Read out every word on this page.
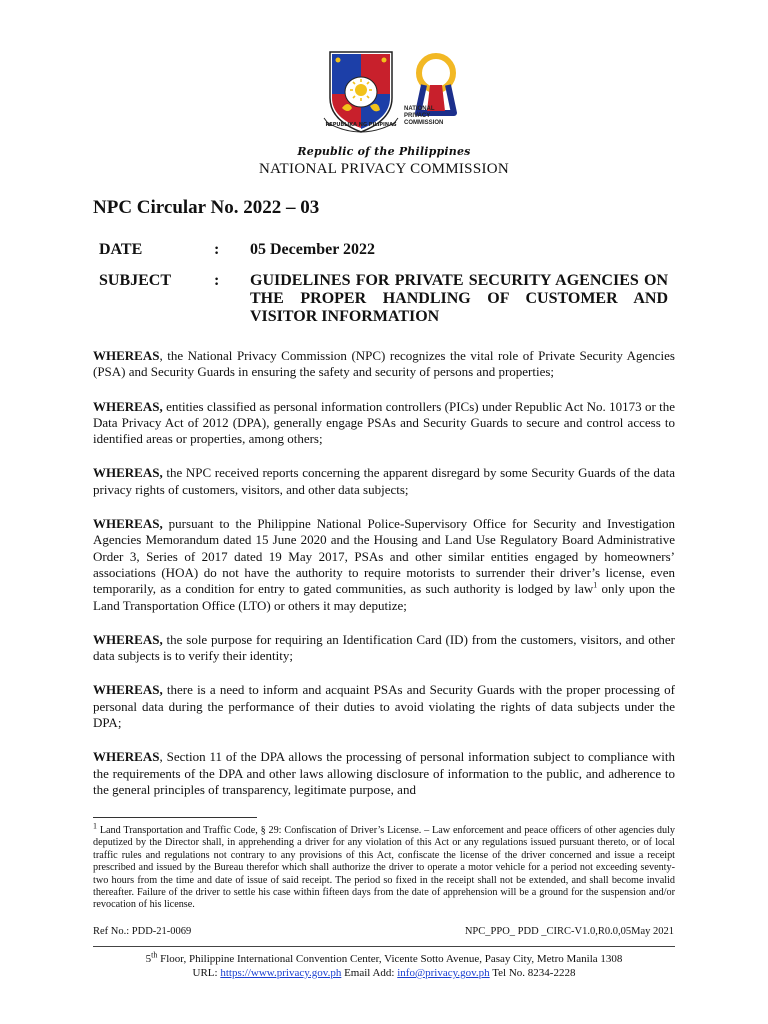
REPUBLIKA NG PILIPINAS
NATIONAL
PRIVACY
COMMISSION
Republic of the Philippines
NATIONAL PRIVACY COMMISSION
NPC Circular No. 2022 – 03
DATE	: 05 December 2022
SUBJECT	: GUIDELINES FOR PRIVATE SECURITY AGENCIES ON THE PROPER HANDLING OF CUSTOMER AND VISITOR INFORMATION

WHEREAS, the National Privacy Commission (NPC) recognizes the vital role of Private Security Agencies (PSA) and Security Guards in ensuring the safety and security of persons and properties;

WHEREAS, entities classified as personal information controllers (PICs) under Republic Act No. 10173 or the Data Privacy Act of 2012 (DPA), generally engage PSAs and Security Guards to secure and control access to identified areas or properties, among others;

WHEREAS, the NPC received reports concerning the apparent disregard by some Security Guards of the data privacy rights of customers, visitors, and other data subjects;

WHEREAS, pursuant to the Philippine National Police-Supervisory Office for Security and Investigation Agencies Memorandum dated 15 June 2020 and the Housing and Land Use Regulatory Board Administrative Order 3, Series of 2017 dated 19 May 2017, PSAs and other similar entities engaged by homeowners’ associations (HOA) do not have the authority to require motorists to surrender their driver’s license, even temporarily, as a condition for entry to gated communities, as such authority is lodged by law$^1$ only upon the Land Transportation Office (LTO) or others it may deputize;

WHEREAS, the sole purpose for requiring an Identification Card (ID) from the customers, visitors, and other data subjects is to verify their identity;

WHEREAS, there is a need to inform and acquaint PSAs and Security Guards with the proper processing of personal data during the performance of their duties to avoid violating the rights of data subjects under the DPA;

WHEREAS, Section 11 of the DPA allows the processing of personal information subject to compliance with the requirements of the DPA and other laws allowing disclosure of information to the public, and adherence to the general principles of transparency, legitimate purpose, and

$^1$ Land Transportation and Traffic Code, § 29: Confiscation of Driver’s License. – Law enforcement and peace officers of other agencies duly deputized by the Director shall, in apprehending a driver for any violation of this Act or any regulations issued pursuant thereto, or of local traffic rules and regulations not contrary to any provisions of this Act, confiscate the license of the driver concerned and issue a receipt prescribed and issued by the Bureau therefor which shall authorize the driver to operate a motor vehicle for a period not exceeding seventy-two hours from the time and date of issue of said receipt. The period so fixed in the receipt shall not be extended, and shall become invalid thereafter. Failure of the driver to settle his case within fifteen days from the date of apprehension will be a ground for the suspension and/or revocation of his license.
Ref No.: PDD-21-0069	NPC_PPO_ PDD _CIRC-V1.0,R0.0,05May 2021
5th Floor, Philippine International Convention Center, Vicente Sotto Avenue, Pasay City, Metro Manila 1308
URL: https://www.privacy.gov.ph Email Add: info@privacy.gov.ph Tel No. 8234-2228
